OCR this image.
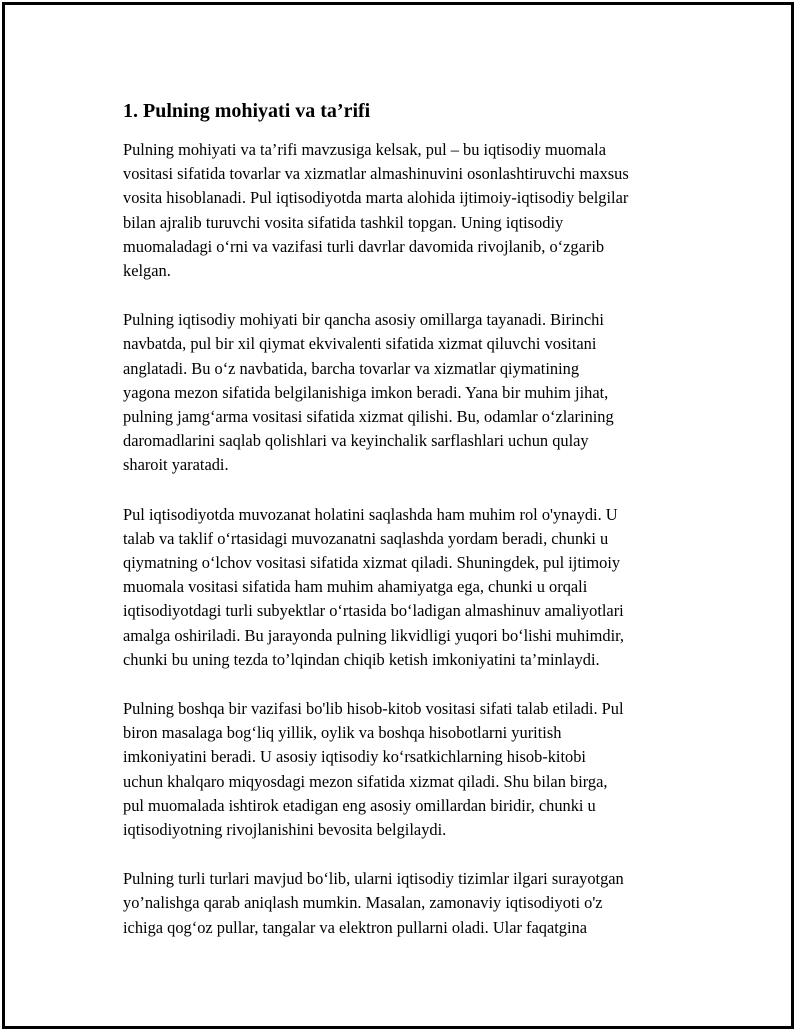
1. Pulning mohiyati va ta’rifi

Pulning mohiyati va ta’rifi mavzusiga kelsak, pul – bu iqtisodiy muomala
vositasi sifatida tovarlar va xizmatlar almashinuvini osonlashtiruvchi maxsus
vosita hisoblanadi. Pul iqtisodiyotda marta alohida ijtimoiy-iqtisodiy belgilar
bilan ajralib turuvchi vosita sifatida tashkil topgan. Uning iqtisodiy
muomaladagi oʻrni va vazifasi turli davrlar davomida rivojlanib, oʻzgarib
kelgan.

Pulning iqtisodiy mohiyati bir qancha asosiy omillarga tayanadi. Birinchi
navbatda, pul bir xil qiymat ekvivalenti sifatida xizmat qiluvchi vositani
anglatadi. Bu oʻz navbatida, barcha tovarlar va xizmatlar qiymatining
yagona mezon sifatida belgilanishiga imkon beradi. Yana bir muhim jihat,
pulning jamgʻarma vositasi sifatida xizmat qilishi. Bu, odamlar oʻzlarining
daromadlarini saqlab qolishlari va keyinchalik sarflashlari uchun qulay
sharoit yaratadi.

Pul iqtisodiyotda muvozanat holatini saqlashda ham muhim rol o'ynaydi. U
talab va taklif oʻrtasidagi muvozanatni saqlashda yordam beradi, chunki u
qiymatning oʻlchov vositasi sifatida xizmat qiladi. Shuningdek, pul ijtimoiy
muomala vositasi sifatida ham muhim ahamiyatga ega, chunki u orqali
iqtisodiyotdagi turli subyektlar oʻrtasida boʻladigan almashinuv amaliyotlari
amalga oshiriladi. Bu jarayonda pulning likvidligi yuqori boʻlishi muhimdir,
chunki bu uning tezda to’lqindan chiqib ketish imkoniyatini ta’minlaydi.

Pulning boshqa bir vazifasi bo'lib hisob-kitob vositasi sifati talab etiladi. Pul
biron masalaga bogʻliq yillik, oylik va boshqa hisobotlarni yuritish
imkoniyatini beradi. U asosiy iqtisodiy koʻrsatkichlarning hisob-kitobi
uchun khalqaro miqyosdagi mezon sifatida xizmat qiladi. Shu bilan birga,
pul muomalada ishtirok etadigan eng asosiy omillardan biridir, chunki u
iqtisodiyotning rivojlanishini bevosita belgilaydi.

Pulning turli turlari mavjud boʻlib, ularni iqtisodiy tizimlar ilgari surayotgan
yo’nalishga qarab aniqlash mumkin. Masalan, zamonaviy iqtisodiyoti o'z
ichiga qogʻoz pullar, tangalar va elektron pullarni oladi. Ular faqatgina
